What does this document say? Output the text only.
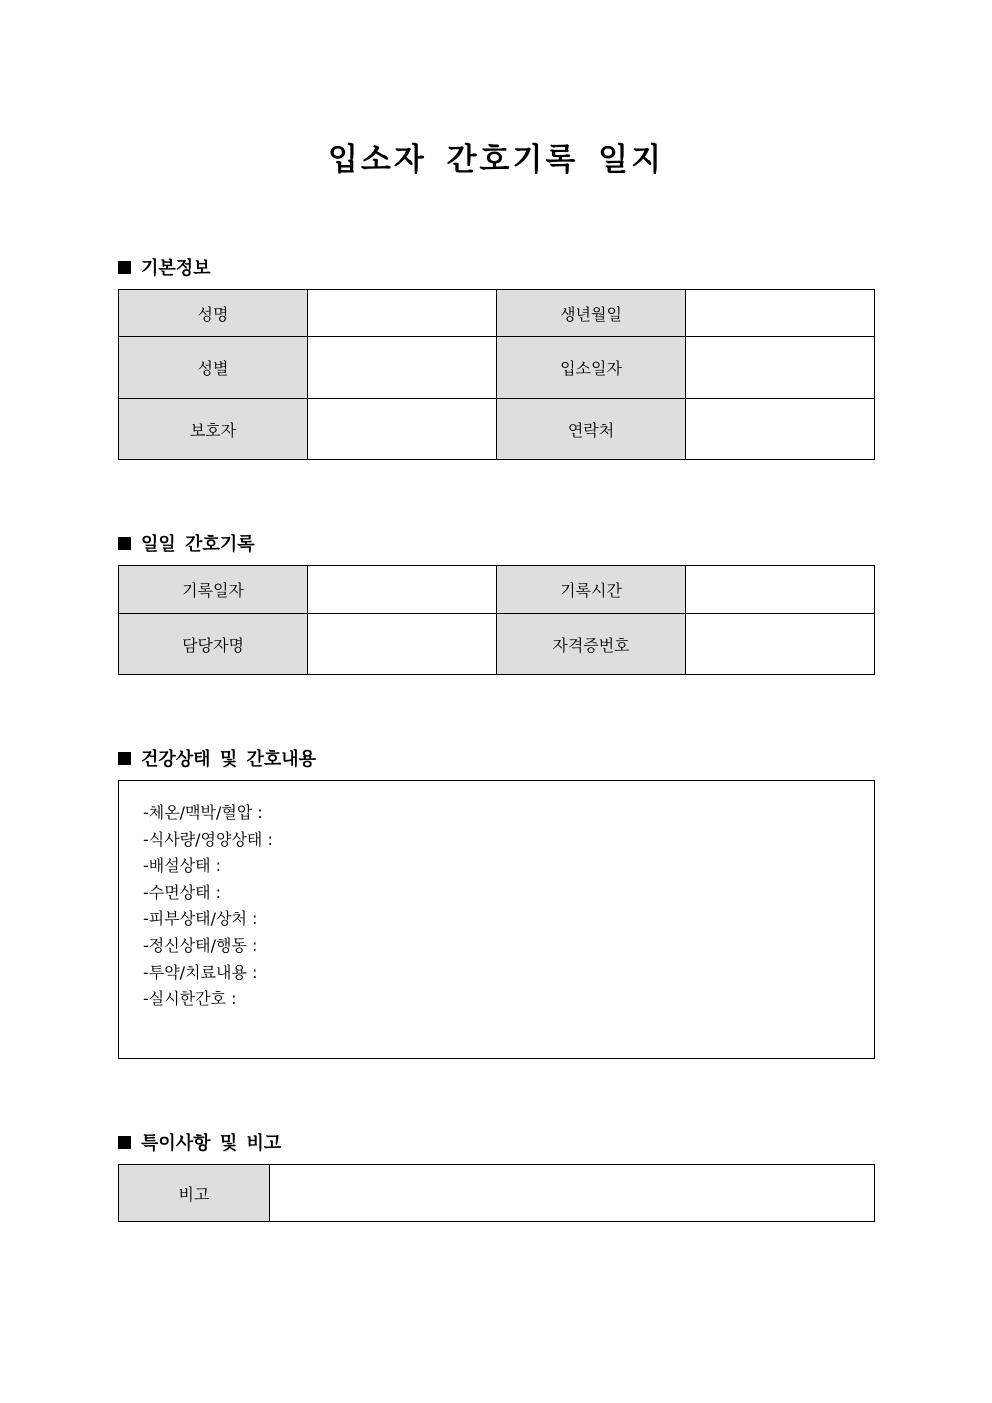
입소자 간호기록 일지
기본정보
성명		생년월일	
성별		입소일자	
보호자		연락처	
일일 간호기록
기록일자		기록시간	
담당자명		자격증번호	
건강상태 및 간호내용
-체온/맥박/혈압 :
-식사량/영양상태 :
-배설상태 :
-수면상태 :
-피부상태/상처 :
-정신상태/행동 :
-투약/치료내용 :
-실시한간호 :
특이사항 및 비고
비고	
